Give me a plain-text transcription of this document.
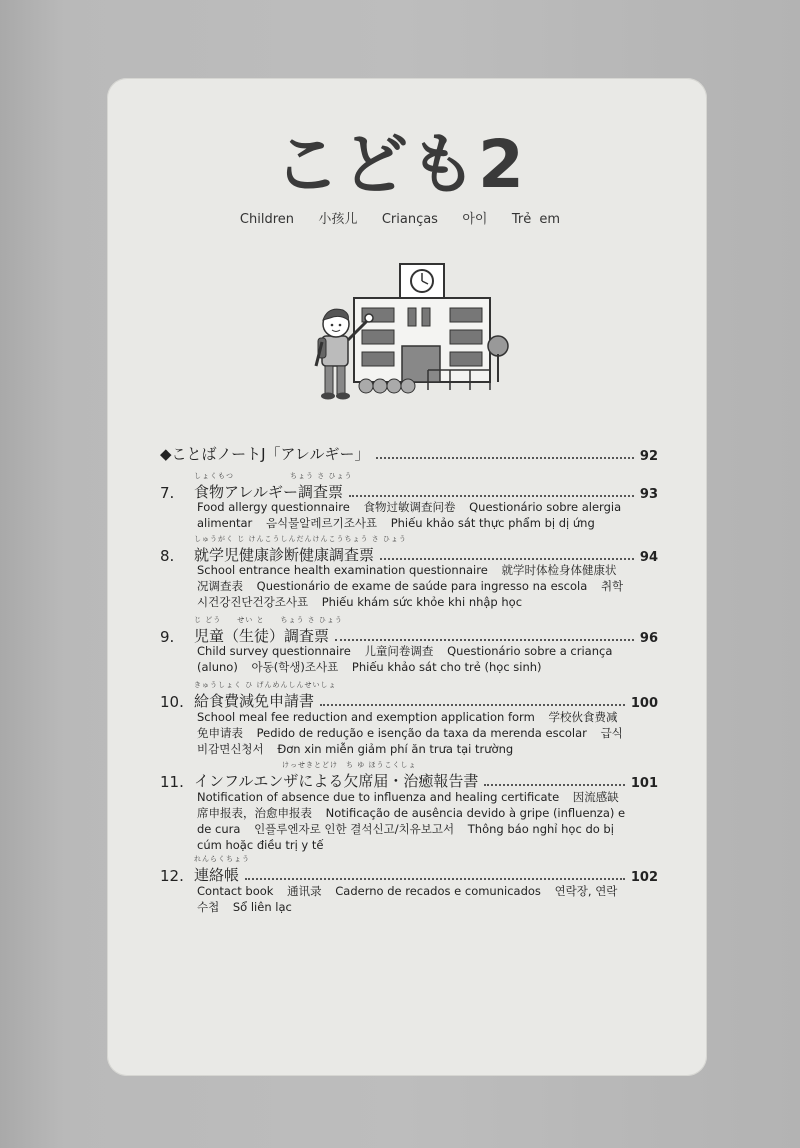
こども2
Children 小孩儿 Crianças 아이 Trẻ em
◆ことばノートJ「アレルギー」	92
7.
しょくもつ　　　　　　　ちょう さ ひょう
食物アレルギー調査票	93
Food allergy questionnaire 食物过敏调查问卷 Questionário sobre alergia alimentar 음식물알레르기조사표 Phiếu khảo sát thực phẩm bị dị ứng
8.
しゅうがく じ けんこうしんだんけんこうちょう さ ひょう
就学児健康診断健康調査票	94
School entrance health examination questionnaire 就学时体检身体健康状况调查表 Questionário de exame de saúde para ingresso na escola 취학시건강진단건강조사표 Phiếu khám sức khỏe khi nhập học
9.
じ どう　　せい と　　ちょう さ ひょう
児童（生徒）調査票	96
Child survey questionnaire 儿童问卷调查 Questionário sobre a criança (aluno) 아동(학생)조사표 Phiếu khảo sát cho trẻ (học sinh)
10.
きゅうしょく ひ げんめんしんせいしょ
給食費減免申請書	100
School meal fee reduction and exemption application form 学校伙食费减免申请表 Pedido de redução e isenção da taxa da merenda escolar 급식비감면신청서 Đơn xin miễn giảm phí ăn trưa tại trường
11.
　　　　　　　　　　　けっせきとどけ　ち ゆ ほうこくしょ
インフルエンザによる欠席届・治癒報告書	101
Notification of absence due to influenza and healing certificate 因流感缺席申报表，治愈申报表 Notificação de ausência devido à gripe (influenza) e de cura 인플루엔자로 인한 결석신고/치유보고서 Thông báo nghỉ học do bị cúm hoặc điều trị y tế
12.
れんらくちょう
連絡帳	102
Contact book 通讯录 Caderno de recados e comunicados 연락장, 연락수첩 Sổ liên lạc
